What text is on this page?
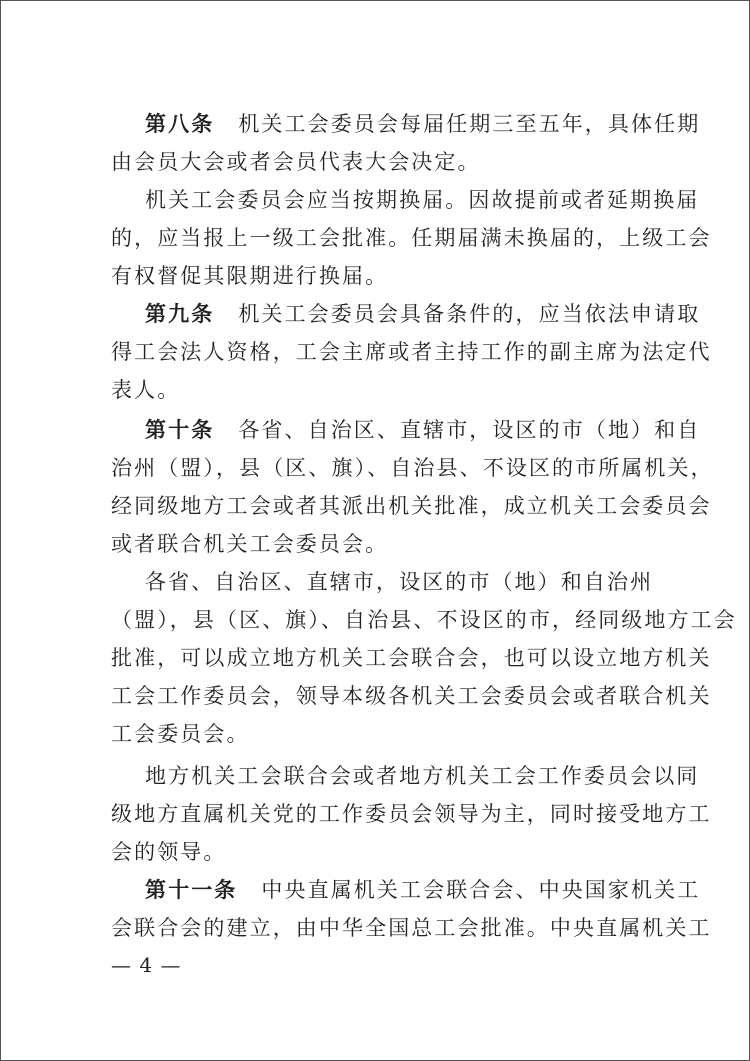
第八条 机关工会委员会每届任期三至五年，具体任期
由会员大会或者会员代表大会决定。
机关工会委员会应当按期换届。因故提前或者延期换届
的，应当报上一级工会批准。任期届满未换届的，上级工会
有权督促其限期进行换届。
第九条 机关工会委员会具备条件的，应当依法申请取
得工会法人资格，工会主席或者主持工作的副主席为法定代
表人。
第十条 各省、自治区、直辖市，设区的市（地）和自
治州（盟），县（区、旗）、自治县、不设区的市所属机关，
经同级地方工会或者其派出机关批准，成立机关工会委员会
或者联合机关工会委员会。
各省、自治区、直辖市，设区的市（地）和自治州
（盟），县（区、旗）、自治县、不设区的市，经同级地方工会
批准，可以成立地方机关工会联合会，也可以设立地方机关
工会工作委员会，领导本级各机关工会委员会或者联合机关
工会委员会。
地方机关工会联合会或者地方机关工会工作委员会以同
级地方直属机关党的工作委员会领导为主，同时接受地方工
会的领导。
第十一条 中央直属机关工会联合会、中央国家机关工
会联合会的建立，由中华全国总工会批准。中央直属机关工
— 4 —
